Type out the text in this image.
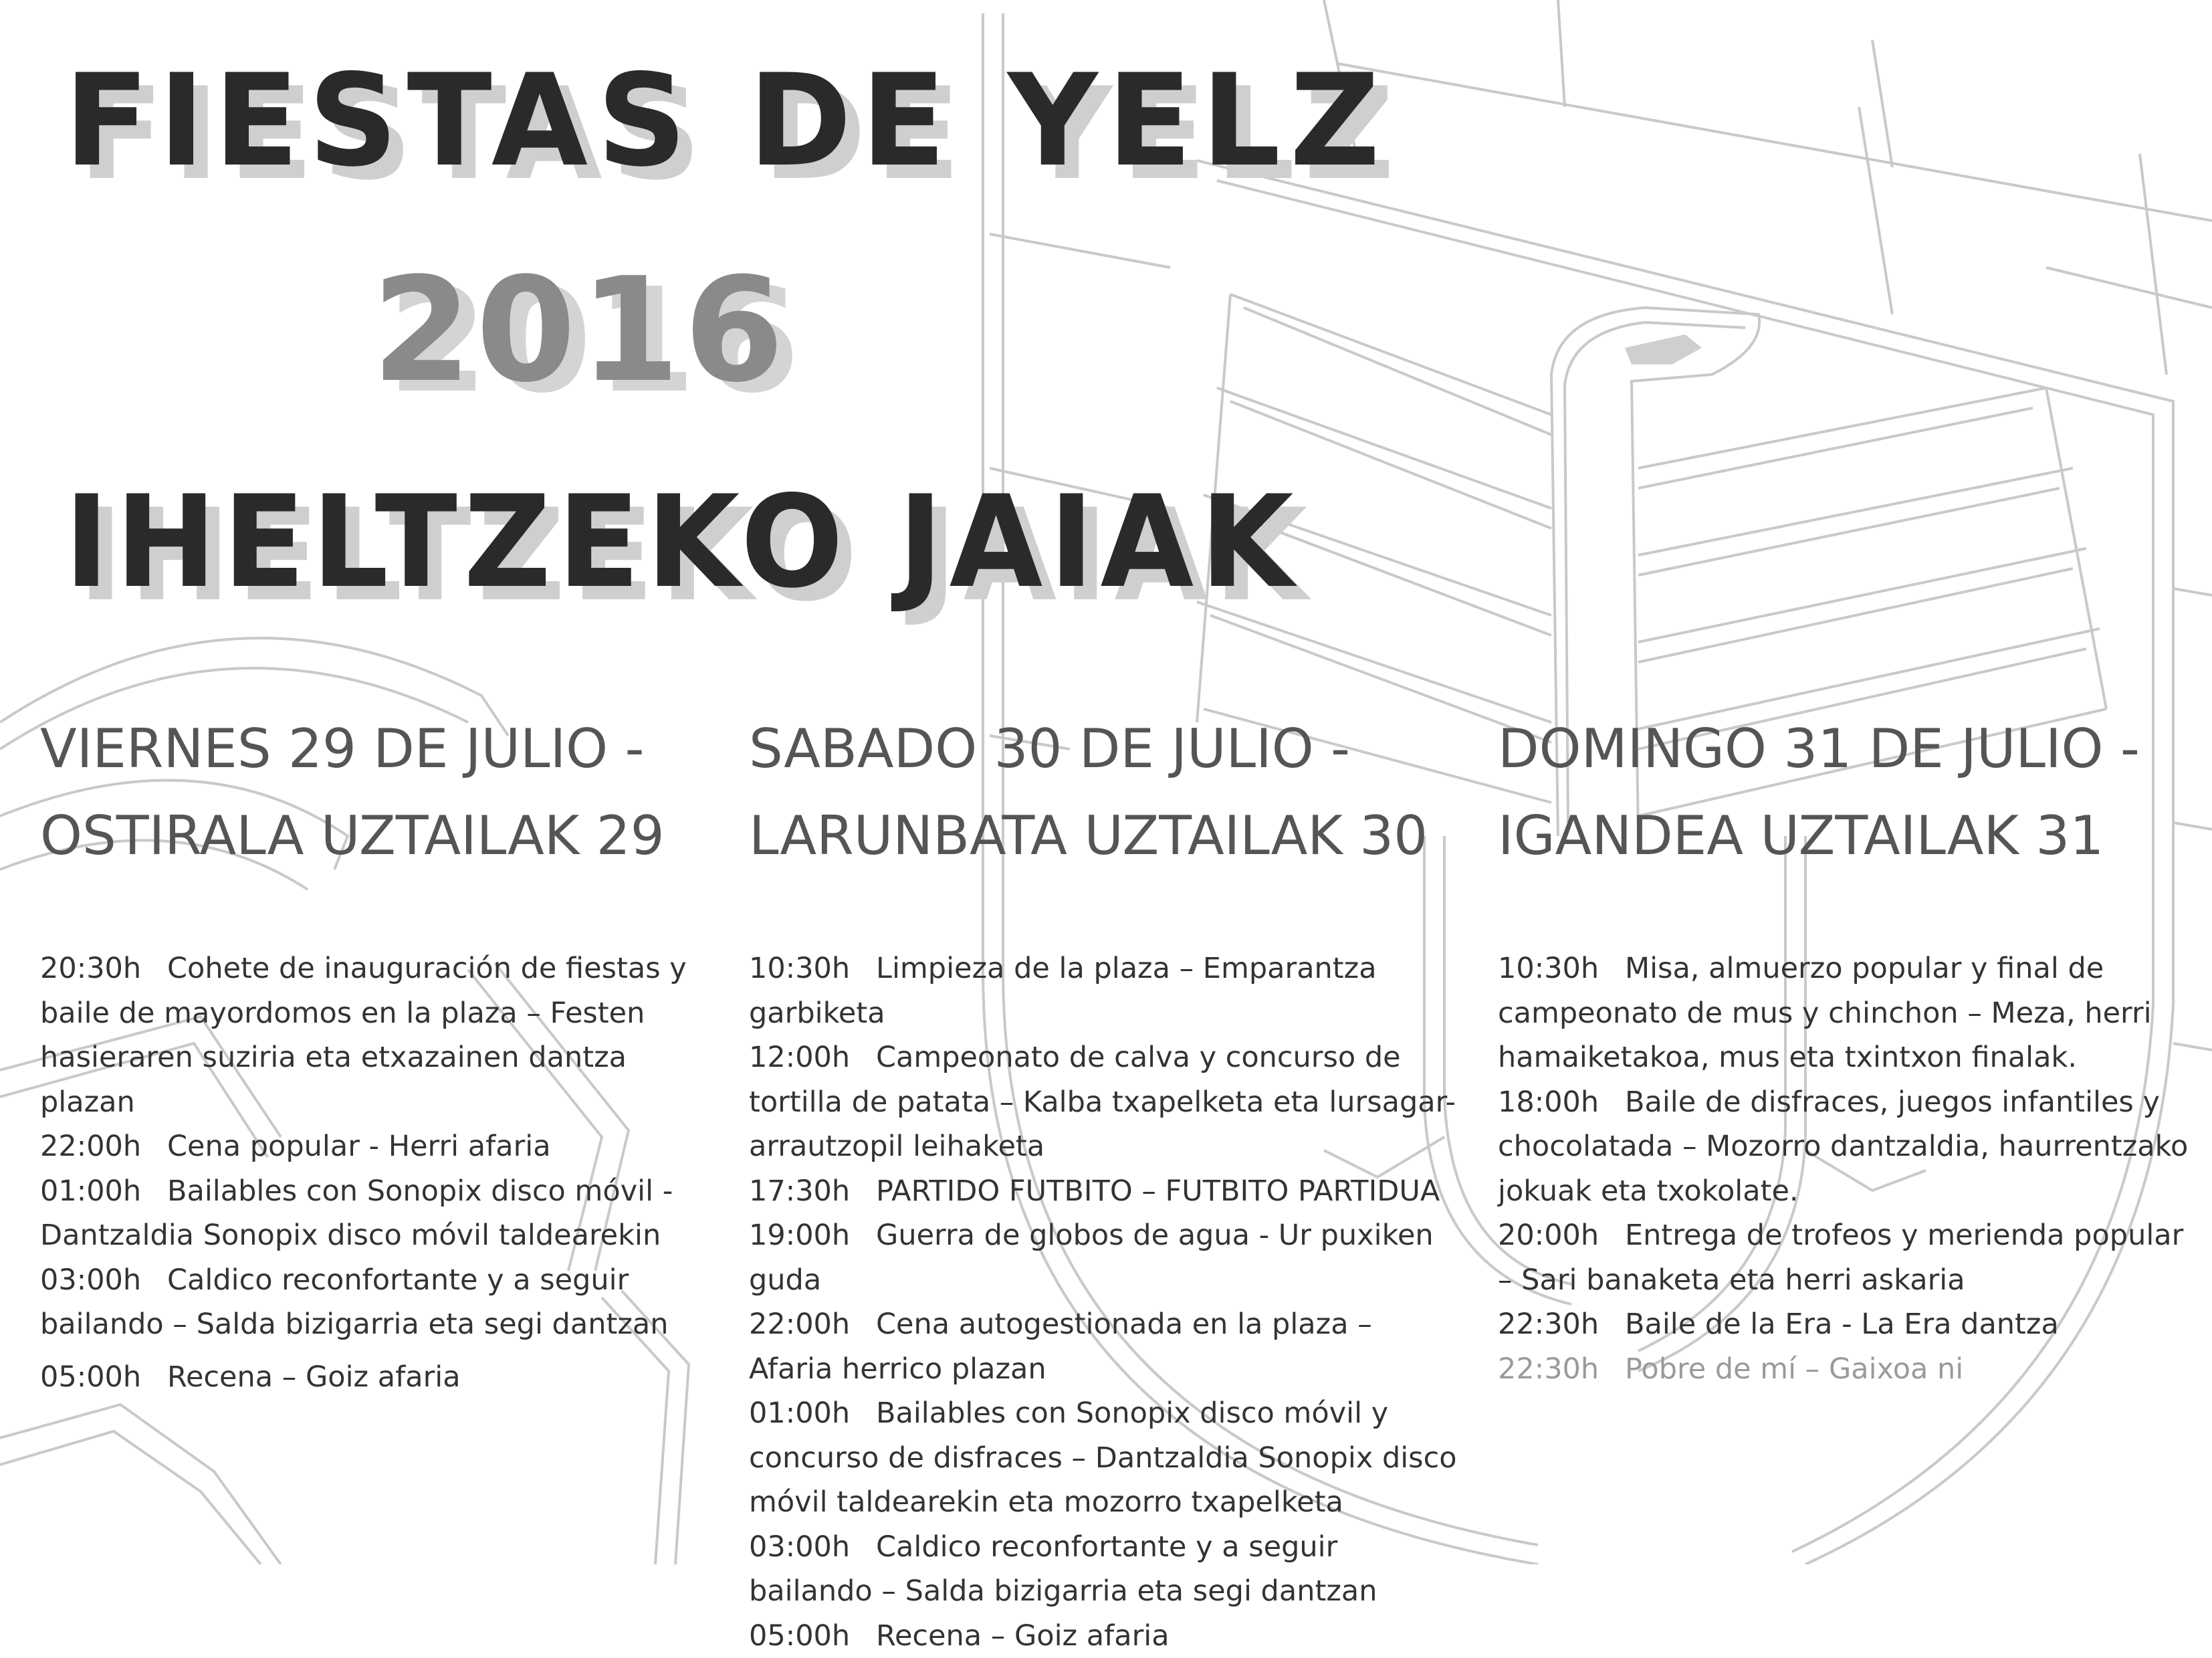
FIESTAS DE YELZ
2016
IHELTZEKO JAIAK
VIERNES 29 DE JULIO -
OSTIRALA UZTAILAK 29
20:30h Cohete de inauguración de fiestas y baile de mayordomos en la plaza – Festen hasieraren suziria eta etxazainen dantza plazan
22:00h Cena popular - Herri afaria
01:00h Bailables con Sonopix disco móvil - Dantzaldia Sonopix disco móvil taldearekin
03:00h Caldico reconfortante y a seguir bailando – Salda bizigarria eta segi dantzan
05:00h Recena – Goiz afaria
SABADO 30 DE JULIO -
LARUNBATA UZTAILAK 30
10:30h Limpieza de la plaza – Emparantza garbiketa
12:00h Campeonato de calva y concurso de tortilla de patata – Kalba txapelketa eta lursagar-arrautzopil leihaketa
17:30h PARTIDO FUTBITO – FUTBITO PARTIDUA
19:00h Guerra de globos de agua - Ur puxiken guda
22:00h Cena autogestionada en la plaza – Afaria herrico plazan
01:00h Bailables con Sonopix disco móvil y concurso de disfraces – Dantzaldia Sonopix disco móvil taldearekin eta mozorro txapelketa
03:00h Caldico reconfortante y a seguir bailando – Salda bizigarria eta segi dantzan
05:00h Recena – Goiz afaria
DOMINGO 31 DE JULIO -
IGANDEA UZTAILAK 31
10:30h Misa, almuerzo popular y final de campeonato de mus y chinchon – Meza, herri hamaiketakoa, mus eta txintxon finalak.
18:00h Baile de disfraces, juegos infantiles y chocolatada – Mozorro dantzaldia, haurrentzako jokuak eta txokolate.
20:00h Entrega de trofeos y merienda popular – Sari banaketa eta herri askaria
22:30h Baile de la Era - La Era dantza
22:30h Pobre de mí – Gaixoa ni
